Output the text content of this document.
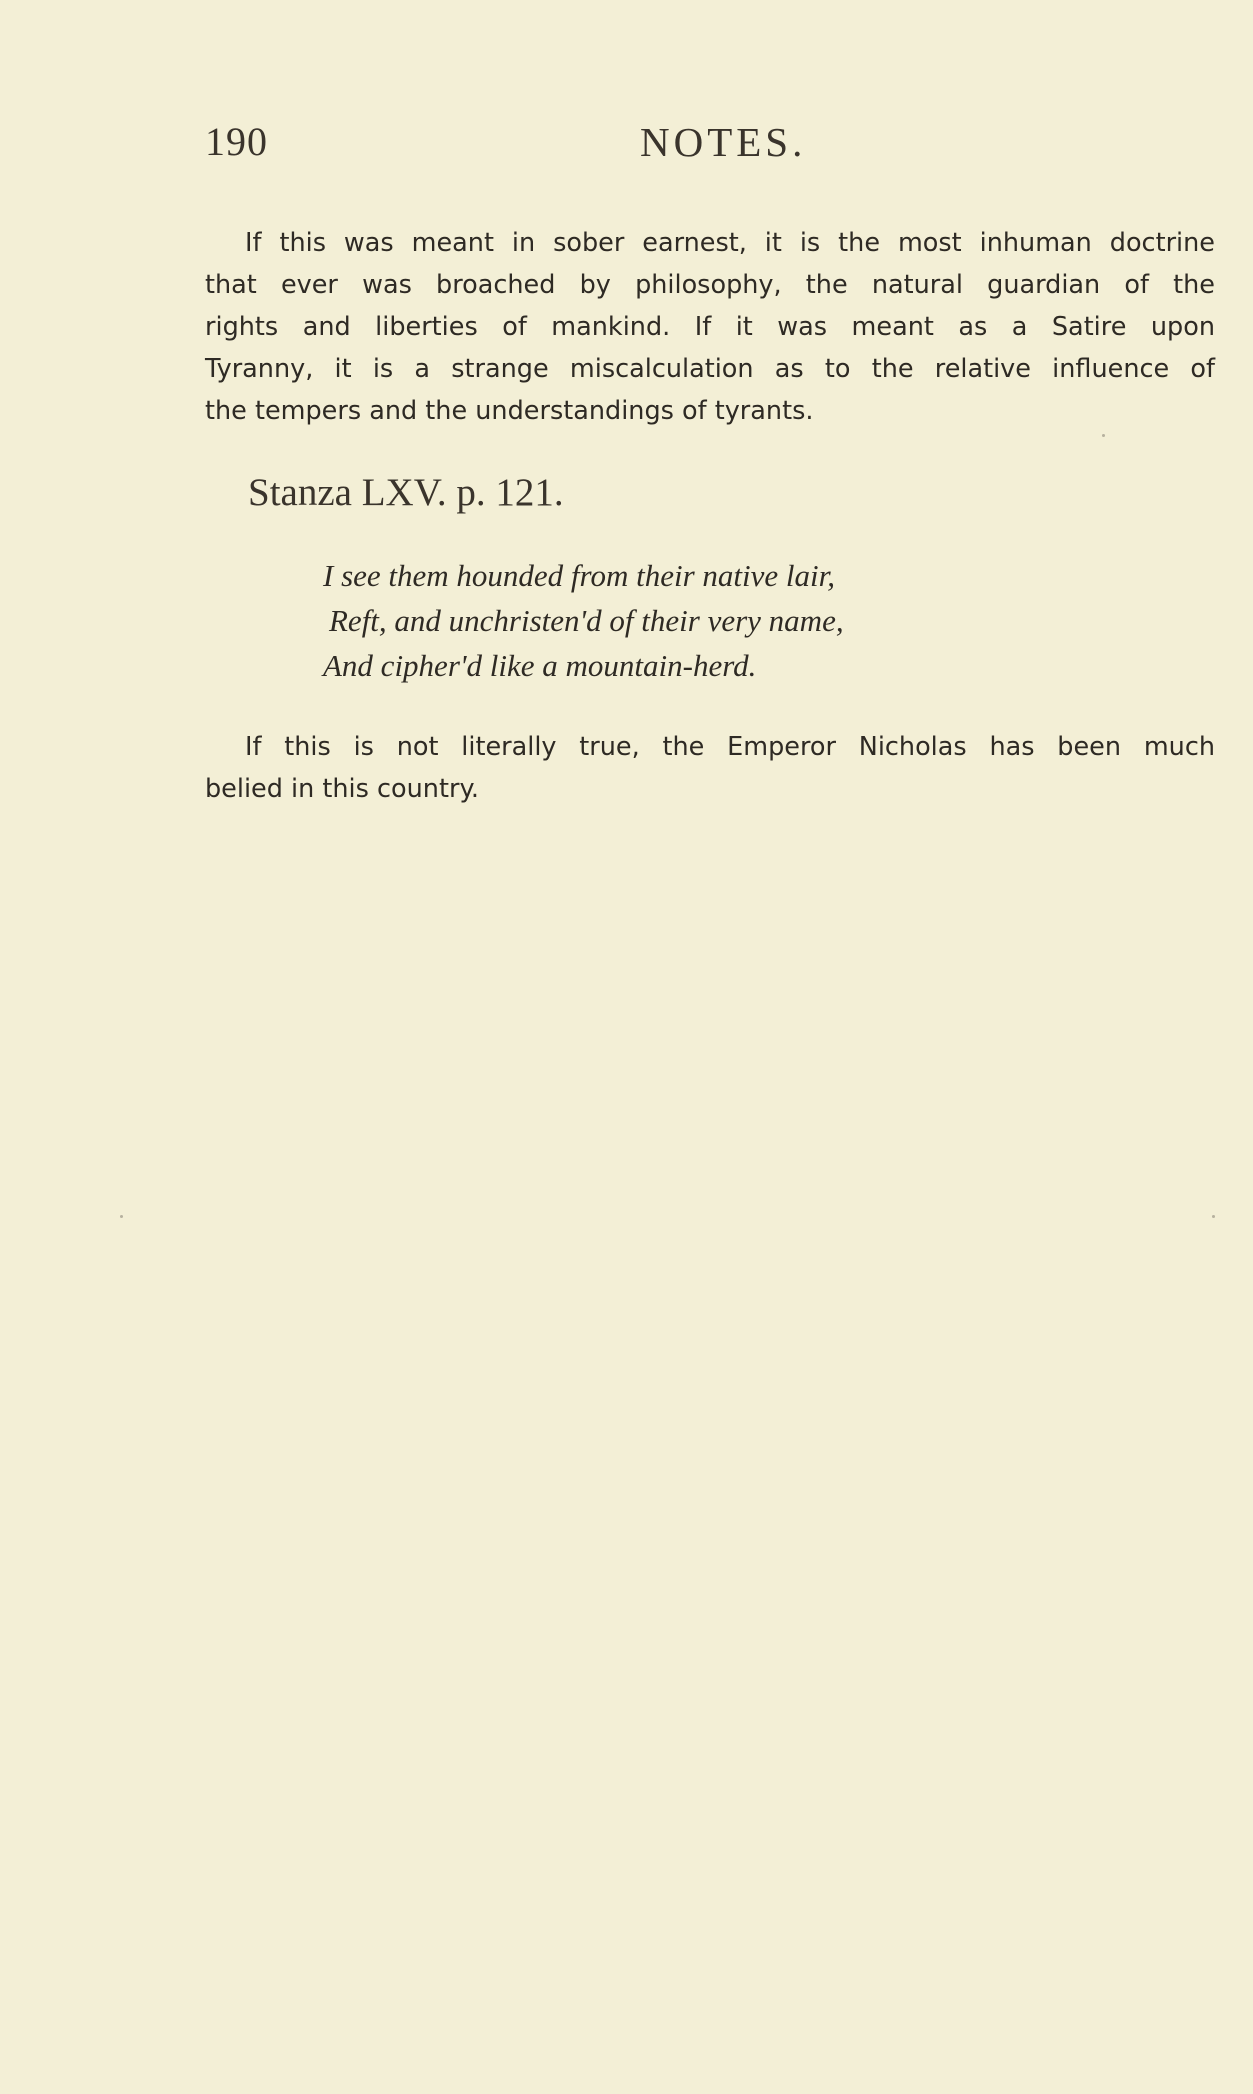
190	NOTES.
If this was meant in sober earnest, it is the most inhuman doctrine
that ever was broached by philosophy, the natural guardian of the
rights and liberties of mankind. If it was meant as a Satire upon
Tyranny, it is a strange miscalculation as to the relative influence of
the tempers and the understandings of tyrants.
Stanza LXV. p. 121.
I see them hounded from their native lair,
Reft, and unchristen'd of their very name,
And cipher'd like a mountain-herd.
If this is not literally true, the Emperor Nicholas has been much
belied in this country.
